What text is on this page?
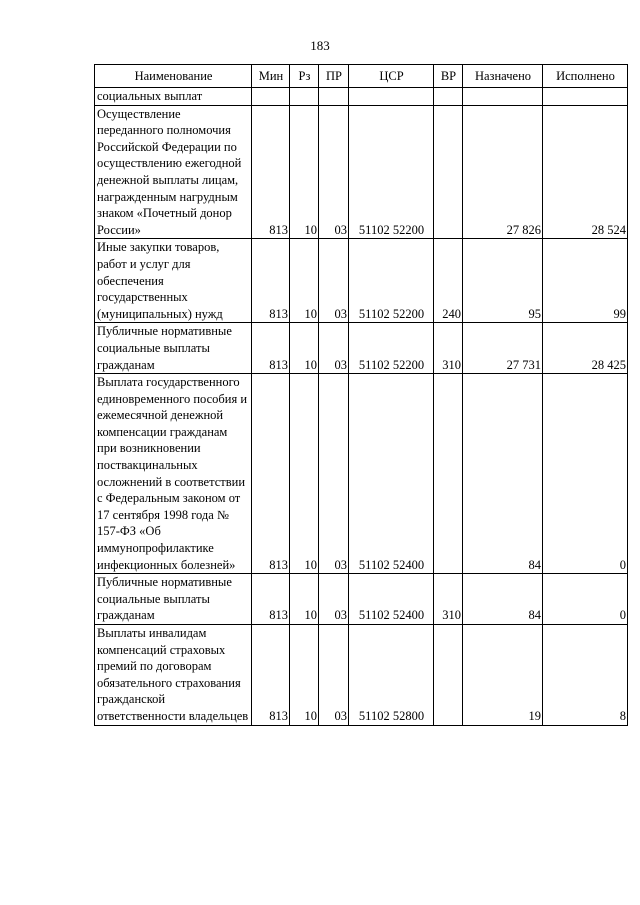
183
Наименование	Мин	Рз	ПР	ЦСР	ВР	Назначено	Исполнено
социальных выплат							
Осуществление переданного полномочия Российской Федерации по осуществлению ежегодной денежной выплаты лицам, награжденным нагрудным знаком «Почетный донор России»	813	10	03	51102 52200		27 826	28 524
Иные закупки товаров, работ и услуг для обеспечения государственных (муниципальных) нужд	813	10	03	51102 52200	240	95	99
Публичные нормативные социальные выплаты гражданам	813	10	03	51102 52200	310	27 731	28 425
Выплата государственного единовременного пособия и ежемесячной денежной компенсации гражданам при возникновении поствакцинальных осложнений в соответствии с Федеральным законом от 17 сентября 1998 года № 157-ФЗ «Об иммунопрофилактике инфекционных болезней»	813	10	03	51102 52400		84	0
Публичные нормативные социальные выплаты гражданам	813	10	03	51102 52400	310	84	0
Выплаты инвалидам компенсаций страховых премий по договорам обязательного страхования гражданской ответственности владельцев	813	10	03	51102 52800		19	8
